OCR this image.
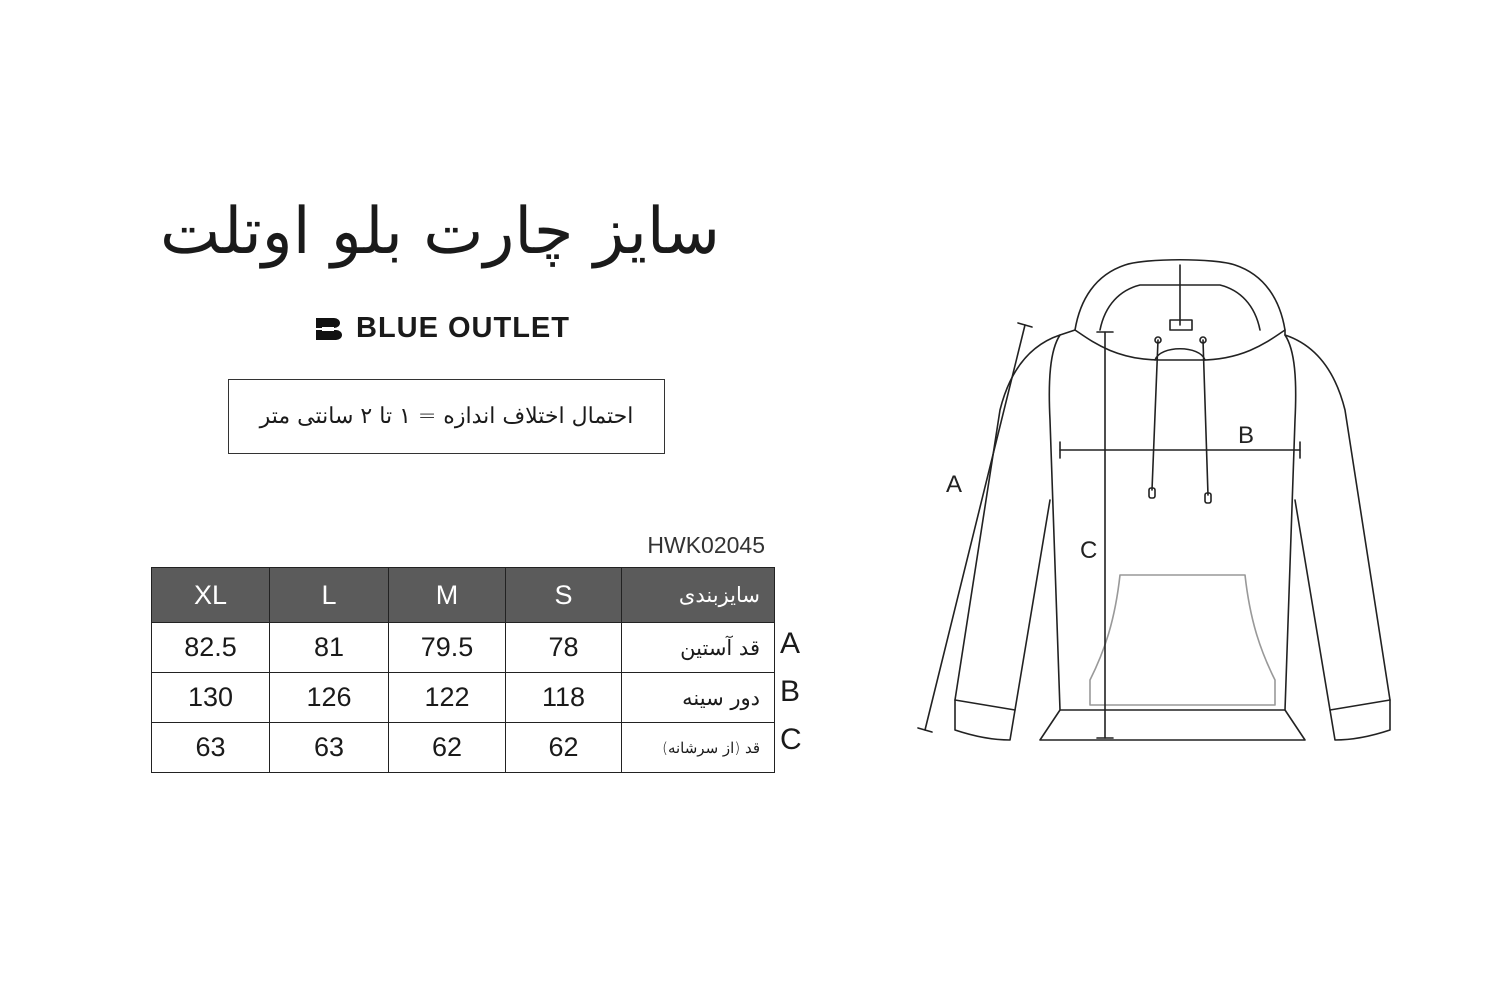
سایز چارت بلو اوتلت
BLUE OUTLET
احتمال اختلاف اندازه = ۱ تا ۲ سانتی متر
HWK02045
XL	L	M	S	سایزبندی
82.5	81	79.5	78	قد آستین
130	126	122	118	دور سینه
63	63	62	62	قد (از سرشانه)
A
B
C
A
B
C
